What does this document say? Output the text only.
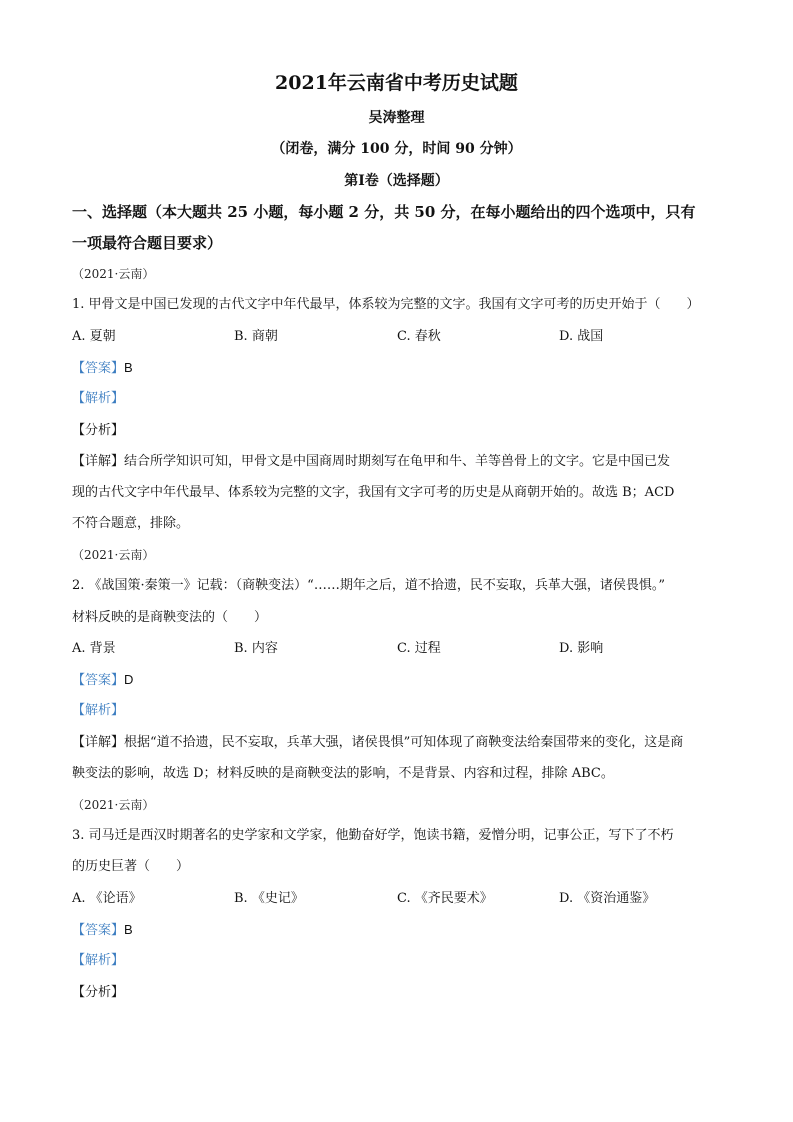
2021年云南省中考历史试题
吴涛整理
（闭卷，满分 100 分，时间 90 分钟）
第Ⅰ卷（选择题）
一、选择题（本大题共 25 小题，每小题 2 分，共 50 分，在每小题给出的四个选项中，只有
一项最符合题目要求）
（2021·云南）
1. 甲骨文是中国已发现的古代文字中年代最早，体系较为完整的文字。我国有文字可考的历史开始于（　　）
A. 夏朝	B. 商朝	C. 春秋	D. 战国
【答案】B
【解析】
【分析】
【详解】结合所学知识可知，甲骨文是中国商周时期刻写在龟甲和牛、羊等兽骨上的文字。它是中国已发
现的古代文字中年代最早、体系较为完整的文字，我国有文字可考的历史是从商朝开始的。故选 B；ACD
不符合题意，排除。
（2021·云南）
2. 《战国策·秦策一》记载：（商鞅变法）“……期年之后，道不拾遗，民不妄取，兵革大强，诸侯畏惧。”
材料反映的是商鞅变法的（　　）
A. 背景	B. 内容	C. 过程	D. 影响
【答案】D
【解析】
【详解】根据“道不拾遗，民不妄取，兵革大强，诸侯畏惧”可知体现了商鞅变法给秦国带来的变化，这是商
鞅变法的影响，故选 D；材料反映的是商鞅变法的影响，不是背景、内容和过程，排除 ABC。
（2021·云南）
3. 司马迁是西汉时期著名的史学家和文学家，他勤奋好学，饱读书籍，爱憎分明，记事公正，写下了不朽
的历史巨著（　　）
A. 《论语》	B. 《史记》	C. 《齐民要术》	D. 《资治通鉴》
【答案】B
【解析】
【分析】
